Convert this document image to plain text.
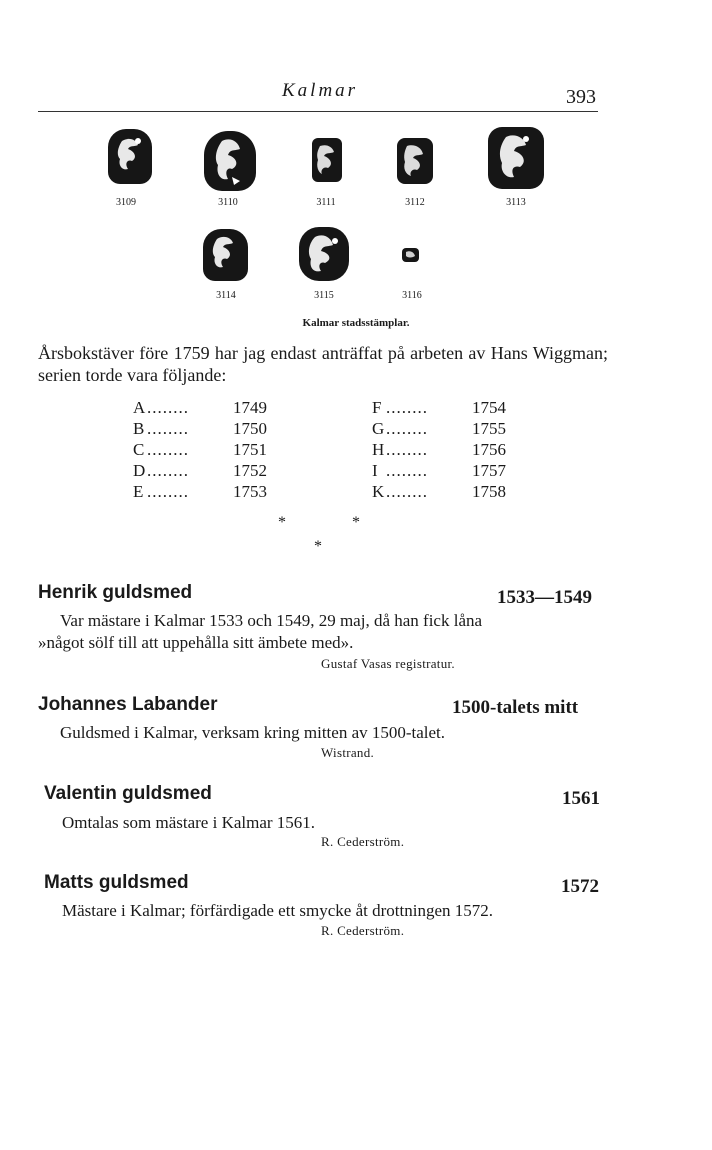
Kalmar	393
3109	3110	3111	3112	3113
3114	3115	3116
Kalmar stadsstämplar.
Årsbokstäver före 1759 har jag endast anträffat på arbeten av Hans Wiggman; serien torde vara följande:
A ........	1749
B ........	1750
C ........	1751
D ........	1752
E ........	1753
F ........	1754
G ........	1755
H ........	1756
I ........	1757
K ........	1758
*	*
*
Henrik guldsmed	1533—1549
Var mästare i Kalmar 1533 och 1549, 29 maj, då han fick låna
»något sölf till att uppehålla sitt ämbete med».
Gustaf Vasas registratur.
Johannes Labander	1500-talets mitt
Guldsmed i Kalmar, verksam kring mitten av 1500-talet.
Wistrand.
Valentin guldsmed	1561
Omtalas som mästare i Kalmar 1561.
R. Cederström.
Matts guldsmed	1572
Mästare i Kalmar; förfärdigade ett smycke åt drottningen 1572.
R. Cederström.
